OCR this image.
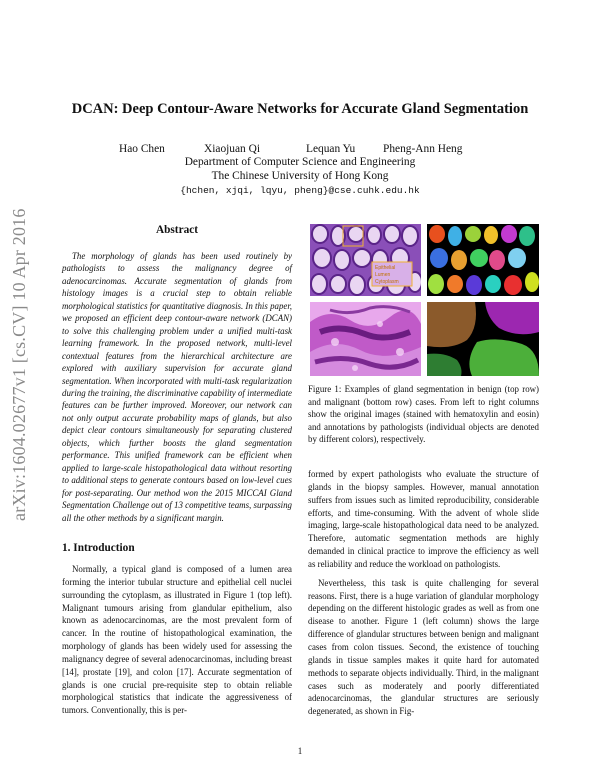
arXiv:1604.02677v1 [cs.CV] 10 Apr 2016
DCAN: Deep Contour-Aware Networks for Accurate Gland Segmentation
Hao Chen	Xiaojuan Qi	Lequan Yu Pheng-Ann Heng
Department of Computer Science and Engineering
The Chinese University of Hong Kong
{hchen, xjqi, lqyu, pheng}@cse.cuhk.edu.hk
Abstract
The morphology of glands has been used routinely by pathologists to assess the malignancy degree of adenocarcinomas. Accurate segmentation of glands from histology images is a crucial step to obtain reliable morphological statistics for quantitative diagnosis. In this paper, we proposed an efficient deep contour-aware network (DCAN) to solve this challenging problem under a unified multi-task learning framework. In the proposed network, multi-level contextual features from the hierarchical architecture are explored with auxiliary supervision for accurate gland segmentation. When incorporated with multi-task regularization during the training, the discriminative capability of intermediate features can be further improved. Moreover, our network can not only output accurate probability maps of glands, but also depict clear contours simultaneously for separating clustered objects, which further boosts the gland segmentation performance. This unified framework can be efficient when applied to large-scale histopathological data without resorting to additional steps to generate contours based on low-level cues for post-separating. Our method won the 2015 MICCAI Gland Segmentation Challenge out of 13 competitive teams, surpassing all the other methods by a significant margin.
1. Introduction
Normally, a typical gland is composed of a lumen area forming the interior tubular structure and epithelial cell nuclei surrounding the cytoplasm, as illustrated in Figure 1 (top left). Malignant tumours arising from glandular epithelium, also known as adenocarcinomas, are the most prevalent form of cancer. In the routine of histopathological examination, the morphology of glands has been widely used for assessing the malignancy degree of several adenocarcinomas, including breast [14], prostate [19], and colon [17]. Accurate segmentation of glands is one crucial pre-requisite step to obtain reliable morphological statistics that indicate the aggressiveness of tumors. Conventionally, this is per-
Epithelial
Lumen
Cytoplasm
Figure 1: Examples of gland segmentation in benign (top row) and malignant (bottom row) cases. From left to right columns show the original images (stained with hematoxylin and eosin) and annotations by pathologists (individual objects are denoted by different colors), respectively.

formed by expert pathologists who evaluate the structure of glands in the biopsy samples. However, manual annotation suffers from issues such as limited reproducibility, considerable efforts, and time-consuming. With the advent of whole slide imaging, large-scale histopathological data need to be analyzed. Therefore, automatic segmentation methods are highly demanded in clinical practice to improve the efficiency as well as reliability and reduce the workload on pathologists.

Nevertheless, this task is quite challenging for several reasons. First, there is a huge variation of glandular morphology depending on the different histologic grades as well as from one disease to another. Figure 1 (left column) shows the large difference of glandular structures between benign and malignant cases from colon tissues. Second, the existence of touching glands in tissue samples makes it quite hard for automated methods to separate objects individually. Third, in the malignant cases such as moderately and poorly differentiated adenocarcinomas, the glandular structures are seriously degenerated, as shown in Fig-

1
